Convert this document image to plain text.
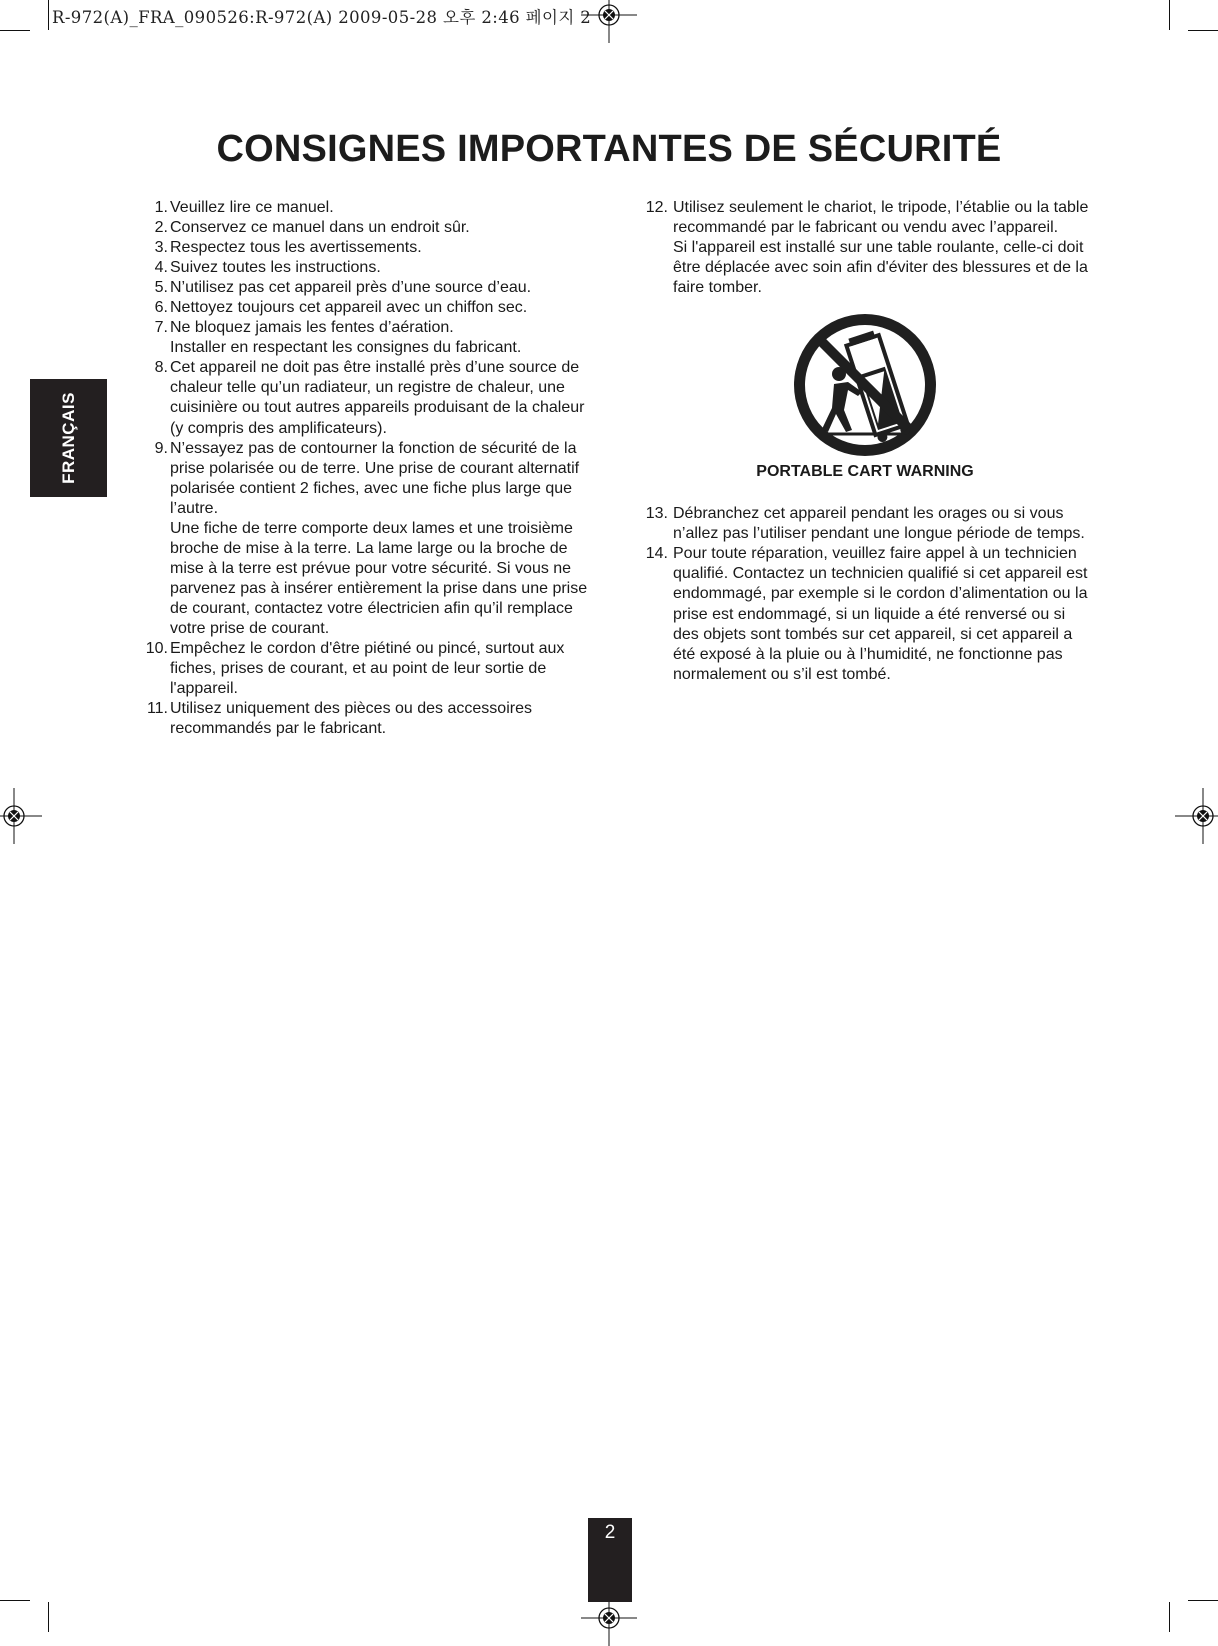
R-972(A)_FRA_090526:R-972(A) 2009-05-28 오후 2:46 페이지 2
CONSIGNES IMPORTANTES DE SÉCURITÉ
FRANÇAIS
1. Veuillez lire ce manuel.

2. Conservez ce manuel dans un endroit sûr.

3. Respectez tous les avertissements.

4. Suivez toutes les instructions.

5. N’utilisez pas cet appareil près d’une source d’eau.

6. Nettoyez toujours cet appareil avec un chiffon sec.

7. Ne bloquez jamais les fentes d’aération.

Installer en respectant les consignes du fabricant.

8. Cet appareil ne doit pas être installé près d’une source de chaleur telle qu’un radiateur, un registre de chaleur, une cuisinière ou tout autres appareils produisant de la chaleur (y compris des amplificateurs).

9. N’essayez pas de contourner la fonction de sécurité de la prise polarisée ou de terre. Une prise de courant alternatif polarisée contient 2 fiches, avec une fiche plus large que l’autre.

Une fiche de terre comporte deux lames et une troisième broche de mise à la terre. La lame large ou la broche de mise à la terre est prévue pour votre sécurité. Si vous ne parvenez pas à insérer entièrement la prise dans une prise de courant, contactez votre électricien afin qu’il remplace votre prise de courant.

10. Empêchez le cordon d'être piétiné ou pincé, surtout aux fiches, prises de courant, et au point de leur sortie de l'appareil.

11. Utilisez uniquement des pièces ou des accessoires recommandés par le fabricant.

12. Utilisez seulement le chariot, le tripode, l’établie ou la table recommandé par le fabricant ou vendu avec l’appareil.

Si l'appareil est installé sur une table roulante, celle-ci doit être déplacée avec soin afin d'éviter des blessures et de la faire tomber.

PORTABLE CART WARNING
13. Débranchez cet appareil pendant les orages ou si vous n’allez pas l’utiliser pendant une longue période de temps.

14. Pour toute réparation, veuillez faire appel à un technicien qualifié. Contactez un technicien qualifié si cet appareil est endommagé, par exemple si le cordon d’alimentation ou la prise est endommagé, si un liquide a été renversé ou si des objets sont tombés sur cet appareil, si cet appareil a été exposé à la pluie ou à l’humidité, ne fonctionne pas normalement ou s’il est tombé.

2
